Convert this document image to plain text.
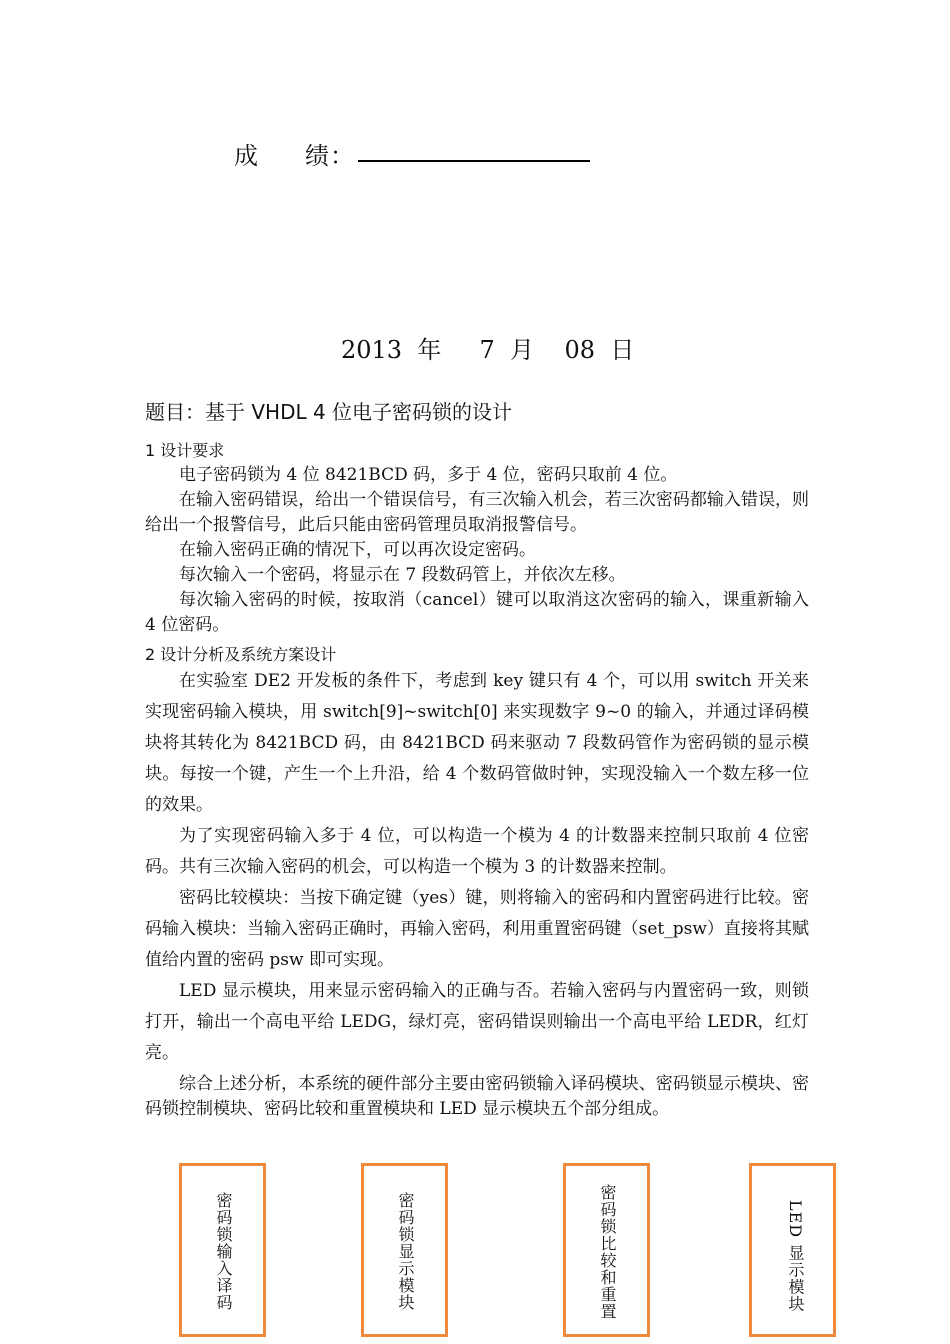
成 绩：
2013  年     7  月    08  日
题目：基于 VHDL 4 位电子密码锁的设计
1 设计要求

电子密码锁为 4 位 8421BCD 码，多于 4 位，密码只取前 4 位。

在输入密码错误，给出一个错误信号，有三次输入机会，若三次密码都输入错误，则给出一个报警信号，此后只能由密码管理员取消报警信号。

在输入密码正确的情况下，可以再次设定密码。

每次输入一个密码，将显示在 7 段数码管上，并依次左移。

每次输入密码的时候，按取消（cancel）键可以取消这次密码的输入，课重新输入 4 位密码。

2 设计分析及系统方案设计

在实验室 DE2 开发板的条件下，考虑到 key 键只有 4 个，可以用 switch 开关来实现密码输入模块，用 switch[9]~switch[0] 来实现数字 9~0 的输入，并通过译码模块将其转化为 8421BCD 码，由 8421BCD 码来驱动 7 段数码管作为密码锁的显示模块。每按一个键，产生一个上升沿，给 4 个数码管做时钟，实现没输入一个数左移一位的效果。

为了实现密码输入多于 4 位，可以构造一个模为 4 的计数器来控制只取前 4 位密码。共有三次输入密码的机会，可以构造一个模为 3 的计数器来控制。

密码比较模块：当按下确定键（yes）键，则将输入的密码和内置密码进行比较。密码输入模块：当输入密码正确时，再输入密码，利用重置密码键（set_psw）直接将其赋值给内置的密码 psw 即可实现。

LED 显示模块，用来显示密码输入的正确与否。若输入密码与内置密码一致，则锁打开，输出一个高电平给 LEDG，绿灯亮，密码错误则输出一个高电平给 LEDR，红灯亮。

综合上述分析，本系统的硬件部分主要由密码锁输入译码模块、密码锁显示模块、密码锁控制模块、密码比较和重置模块和 LED 显示模块五个部分组成。

密码锁输入译码	密码锁显示模块	密码锁比较和重置	LED 显示模块
